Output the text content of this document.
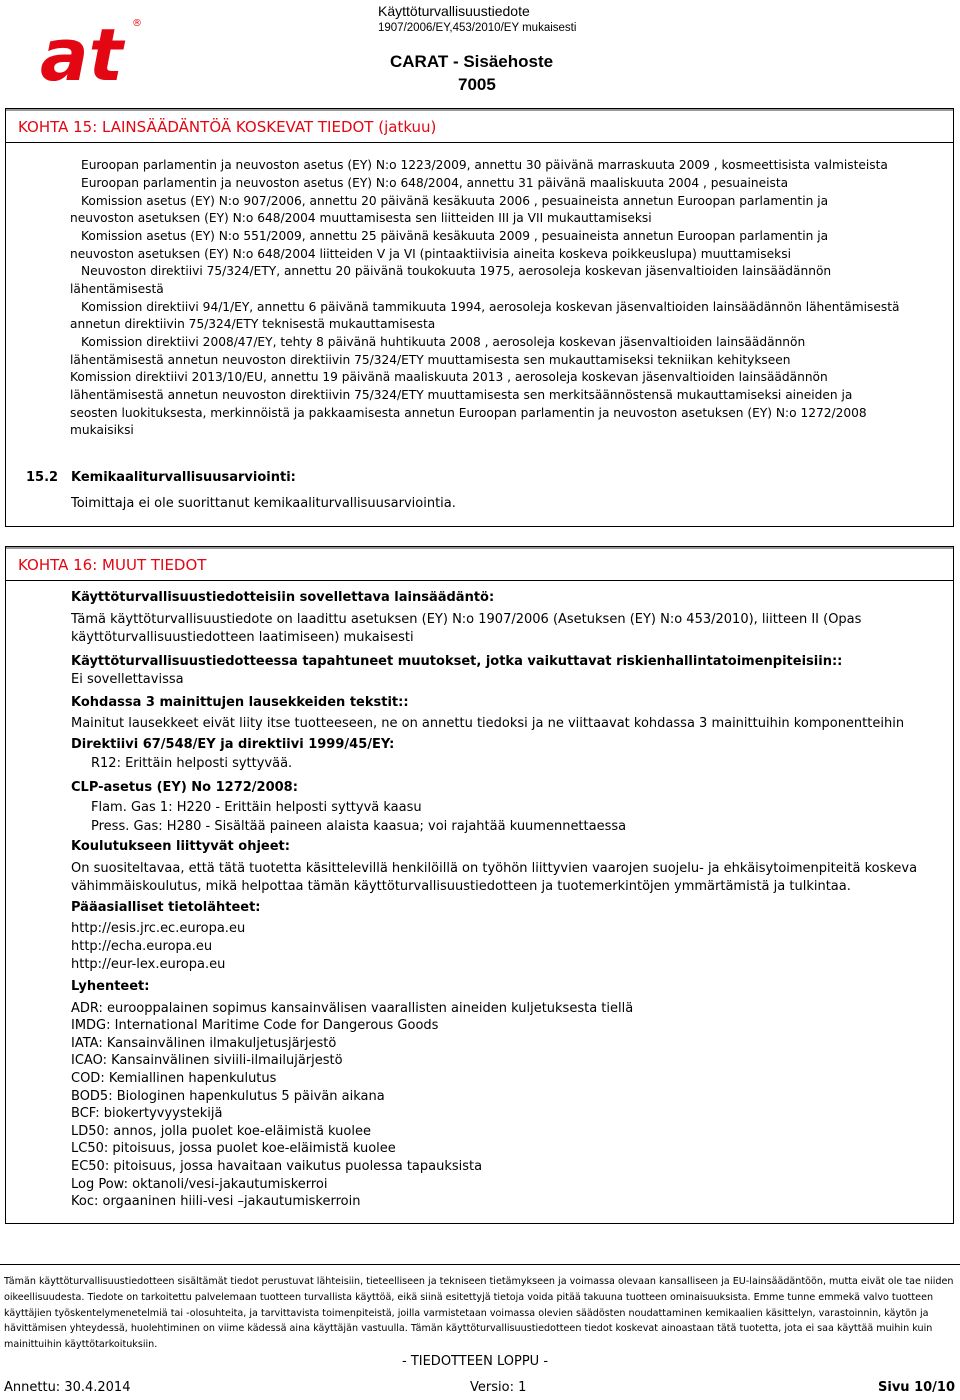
at ®
Käyttöturvallisuustiedote
1907/2006/EY,453/2010/EY mukaisesti
CARAT - Sisäehoste
7005
KOHTA 15: LAINSÄÄDÄNTÖÄ KOSKEVAT TIEDOT (jatkuu)
Euroopan parlamentin ja neuvoston asetus (EY) N:o 1223/2009, annettu 30 päivänä marraskuuta 2009 , kosmeettisista valmisteista
Euroopan parlamentin ja neuvoston asetus (EY) N:o 648/2004, annettu 31 päivänä maaliskuuta 2004 , pesuaineista
Komission asetus (EY) N:o 907/2006, annettu 20 päivänä kesäkuuta 2006 , pesuaineista annetun Euroopan parlamentin ja
neuvoston asetuksen (EY) N:o 648/2004 muuttamisesta sen liitteiden III ja VII mukauttamiseksi
Komission asetus (EY) N:o 551/2009, annettu 25 päivänä kesäkuuta 2009 , pesuaineista annetun Euroopan parlamentin ja
neuvoston asetuksen (EY) N:o 648/2004 liitteiden V ja VI (pintaaktiivisia aineita koskeva poikkeuslupa) muuttamiseksi
Neuvoston direktiivi 75/324/ETY, annettu 20 päivänä toukokuuta 1975, aerosoleja koskevan jäsenvaltioiden lainsäädännön
lähentämisestä
Komission direktiivi 94/1/EY, annettu 6 päivänä tammikuuta 1994, aerosoleja koskevan jäsenvaltioiden lainsäädännön lähentämisestä
annetun direktiivin 75/324/ETY teknisestä mukauttamisesta
Komission direktiivi 2008/47/EY, tehty 8 päivänä huhtikuuta 2008 , aerosoleja koskevan jäsenvaltioiden lainsäädännön
lähentämisestä annetun neuvoston direktiivin 75/324/ETY muuttamisesta sen mukauttamiseksi tekniikan kehitykseen
Komission direktiivi 2013/10/EU, annettu 19 päivänä maaliskuuta 2013 , aerosoleja koskevan jäsenvaltioiden lainsäädännön
lähentämisestä annetun neuvoston direktiivin 75/324/ETY muuttamisesta sen merkitsäännöstensä mukauttamiseksi aineiden ja
seosten luokituksesta, merkinnöistä ja pakkaamisesta annetun Euroopan parlamentin ja neuvoston asetuksen (EY) N:o 1272/2008
mukaisiksi
15.2 Kemikaaliturvallisuusarviointi:
Toimittaja ei ole suorittanut kemikaaliturvallisuusarviointia.
KOHTA 16: MUUT TIEDOT
Käyttöturvallisuustiedotteisiin sovellettava lainsäädäntö:
Tämä käyttöturvallisuustiedote on laadittu asetuksen (EY) N:o 1907/2006 (Asetuksen (EY) N:o 453/2010), liitteen II (Opas
käyttöturvallisuustiedotteen laatimiseen) mukaisesti
Käyttöturvallisuustiedotteessa tapahtuneet muutokset, jotka vaikuttavat riskienhallintatoimenpiteisiin::
Ei sovellettavissa
Kohdassa 3 mainittujen lausekkeiden tekstit::
Mainitut lausekkeet eivät liity itse tuotteeseen, ne on annettu tiedoksi ja ne viittaavat kohdassa 3 mainittuihin komponentteihin
Direktiivi 67/548/EY ja direktiivi 1999/45/EY:
R12: Erittäin helposti syttyvää.
CLP-asetus (EY) No 1272/2008:
Flam. Gas 1: H220 - Erittäin helposti syttyvä kaasu
Press. Gas: H280 - Sisältää paineen alaista kaasua; voi rajahtää kuumennettaessa
Koulutukseen liittyvät ohjeet:
On suositeltavaa, että tätä tuotetta käsittelevillä henkilöillä on työhön liittyvien vaarojen suojelu- ja ehkäisytoimenpiteitä koskeva
vähimmäiskoulutus, mikä helpottaa tämän käyttöturvallisuustiedotteen ja tuotemerkintöjen ymmärtämistä ja tulkintaa.
Pääasialliset tietolähteet:
http://esis.jrc.ec.europa.eu
http://echa.europa.eu
http://eur-lex.europa.eu
Lyhenteet:
ADR: eurooppalainen sopimus kansainvälisen vaarallisten aineiden kuljetuksesta tiellä
IMDG: International Maritime Code for Dangerous Goods
IATA: Kansainvälinen ilmakuljetusjärjestö
ICAO: Kansainvälinen siviili-ilmailujärjestö
COD: Kemiallinen hapenkulutus
BOD5: Biologinen hapenkulutus 5 päivän aikana
BCF: biokertyvyystekijä
LD50: annos, jolla puolet koe-eläimistä kuolee
LC50: pitoisuus, jossa puolet koe-eläimistä kuolee
EC50: pitoisuus, jossa havaitaan vaikutus puolessa tapauksista
Log Pow: oktanoli/vesi-jakautumiskerroi
Koc: orgaaninen hiili-vesi –jakautumiskerroin
Tämän käyttöturvallisuustiedotteen sisältämät tiedot perustuvat lähteisiin, tieteelliseen ja tekniseen tietämykseen ja voimassa olevaan kansalliseen ja EU-lainsäädäntöön, mutta eivät ole tae niiden
oikeellisuudesta. Tiedote on tarkoitettu palvelemaan tuotteen turvallista käyttöä, eikä siinä esitettyjä tietoja voida pitää takuuna tuotteen ominaisuuksista. Emme tunne emmekä valvo tuotteen
käyttäjien työskentelymenetelmiä tai -olosuhteita, ja tarvittavista toimenpiteistä, joilla varmistetaan voimassa olevien säädösten noudattaminen kemikaalien käsittelyn, varastoinnin, käytön ja
hävittämisen yhteydessä, huolehtiminen on viime kädessä aina käyttäjän vastuulla. Tämän käyttöturvallisuustiedotteen tiedot koskevat ainoastaan tätä tuotetta, jota ei saa käyttää muihin kuin
mainittuihin käyttötarkoituksiin.
- TIEDOTTEEN LOPPU -
Annettu: 30.4.2014	Versio: 1	Sivu 10/10
